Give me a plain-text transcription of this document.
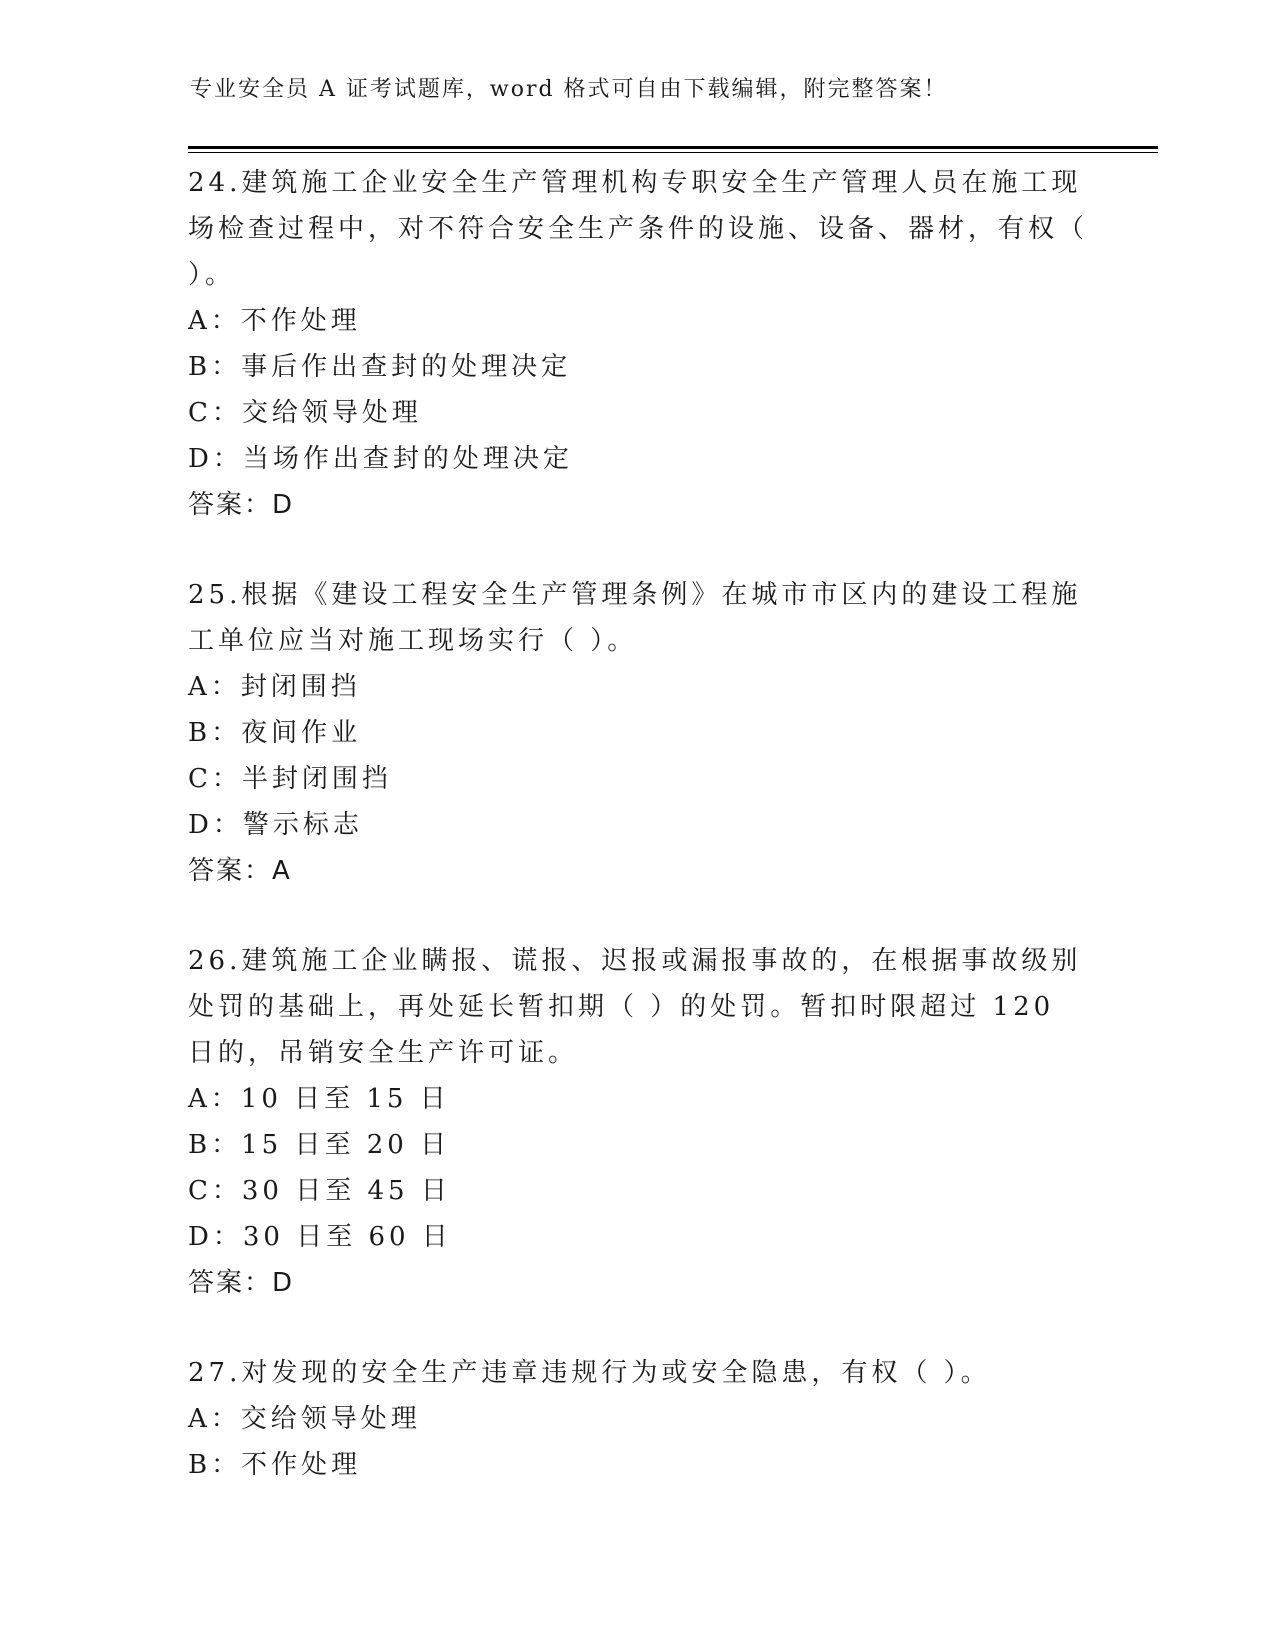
专业安全员 A 证考试题库，word 格式可自由下载编辑，附完整答案！

24.建筑施工企业安全生产管理机构专职安全生产管理人员在施工现场检查过程中，对不符合安全生产条件的设施、设备、器材，有权（ ）。

A：不作处理

B：事后作出查封的处理决定

C：交给领导处理

D：当场作出查封的处理决定

答案：D

25.根据《建设工程安全生产管理条例》在城市市区内的建设工程施工单位应当对施工现场实行（ ）。

A：封闭围挡

B：夜间作业

C：半封闭围挡

D：警示标志

答案：A

26.建筑施工企业瞒报、谎报、迟报或漏报事故的，在根据事故级别处罚的基础上，再处延长暂扣期（ ）的处罚。暂扣时限超过 120 日的，吊销安全生产许可证。

A：10 日至 15 日

B：15 日至 20 日

C：30 日至 45 日

D：30 日至 60 日

答案：D

27.对发现的安全生产违章违规行为或安全隐患，有权（ ）。

A：交给领导处理

B：不作处理
